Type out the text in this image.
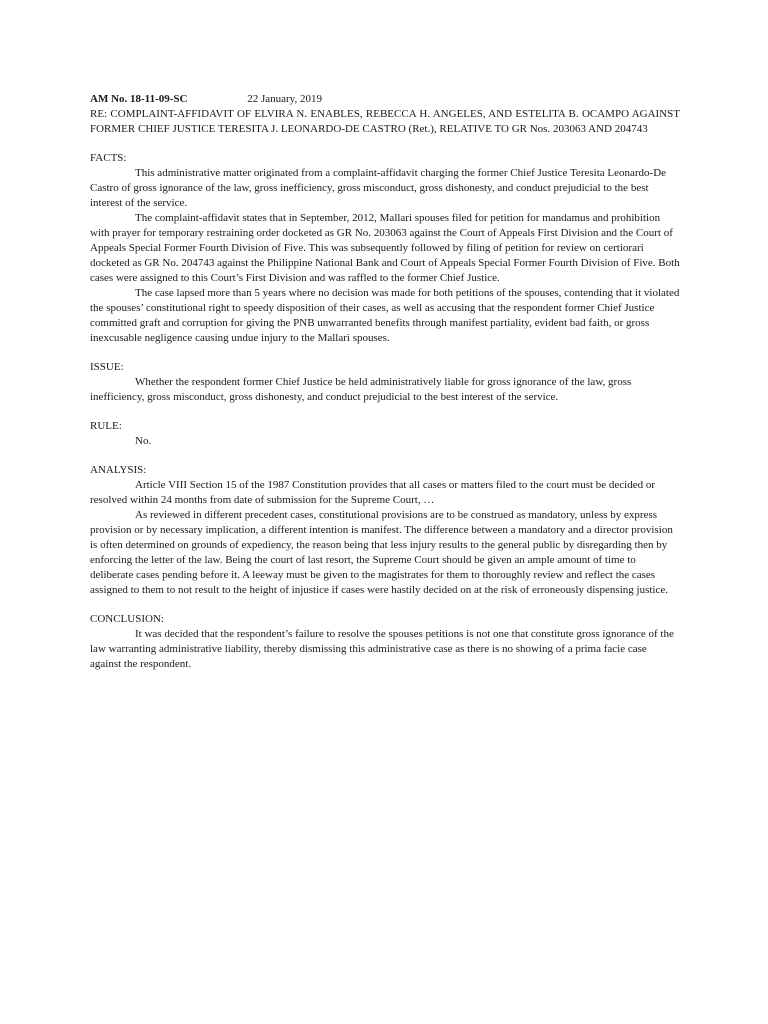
AM No. 18-11-09-SC	22 January, 2019

RE: COMPLAINT-AFFIDAVIT OF ELVIRA N. ENABLES, REBECCA H. ANGELES, AND ESTELITA B. OCAMPO AGAINST FORMER CHIEF JUSTICE TERESITA J. LEONARDO-DE CASTRO (Ret.), RELATIVE TO GR Nos. 203063 AND 204743

FACTS:

This administrative matter originated from a complaint-affidavit charging the former Chief Justice Teresita Leonardo-De Castro of gross ignorance of the law, gross inefficiency, gross misconduct, gross dishonesty, and conduct prejudicial to the best interest of the service.

The complaint-affidavit states that in September, 2012, Mallari spouses filed for petition for mandamus and prohibition with prayer for temporary restraining order docketed as GR No. 203063 against the Court of Appeals First Division and the Court of Appeals Special Former Fourth Division of Five. This was subsequently followed by filing of petition for review on certiorari docketed as GR No. 204743 against the Philippine National Bank and Court of Appeals Special Former Fourth Division of Five. Both cases were assigned to this Court’s First Division and was raffled to the former Chief Justice.

The case lapsed more than 5 years where no decision was made for both petitions of the spouses, contending that it violated the spouses’ constitutional right to speedy disposition of their cases, as well as accusing that the respondent former Chief Justice committed graft and corruption for giving the PNB unwarranted benefits through manifest partiality, evident bad faith, or gross inexcusable negligence causing undue injury to the Mallari spouses.

ISSUE:

Whether the respondent former Chief Justice be held administratively liable for gross ignorance of the law, gross inefficiency, gross misconduct, gross dishonesty, and conduct prejudicial to the best interest of the service.

RULE:

No.

ANALYSIS:

Article VIII Section 15 of the 1987 Constitution provides that all cases or matters filed to the court must be decided or resolved within 24 months from date of submission for the Supreme Court, …

As reviewed in different precedent cases, constitutional provisions are to be construed as mandatory, unless by express provision or by necessary implication, a different intention is manifest. The difference between a mandatory and a director provision is often determined on grounds of expediency, the reason being that less injury results to the general public by disregarding then by enforcing the letter of the law. Being the court of last resort, the Supreme Court should be given an ample amount of time to deliberate cases pending before it. A leeway must be given to the magistrates for them to thoroughly review and reflect the cases assigned to them to not result to the height of injustice if cases were hastily decided on at the risk of erroneously dispensing justice.

CONCLUSION:

It was decided that the respondent’s failure to resolve the spouses petitions is not one that constitute gross ignorance of the law warranting administrative liability, thereby dismissing this administrative case as there is no showing of a prima facie case against the respondent.
